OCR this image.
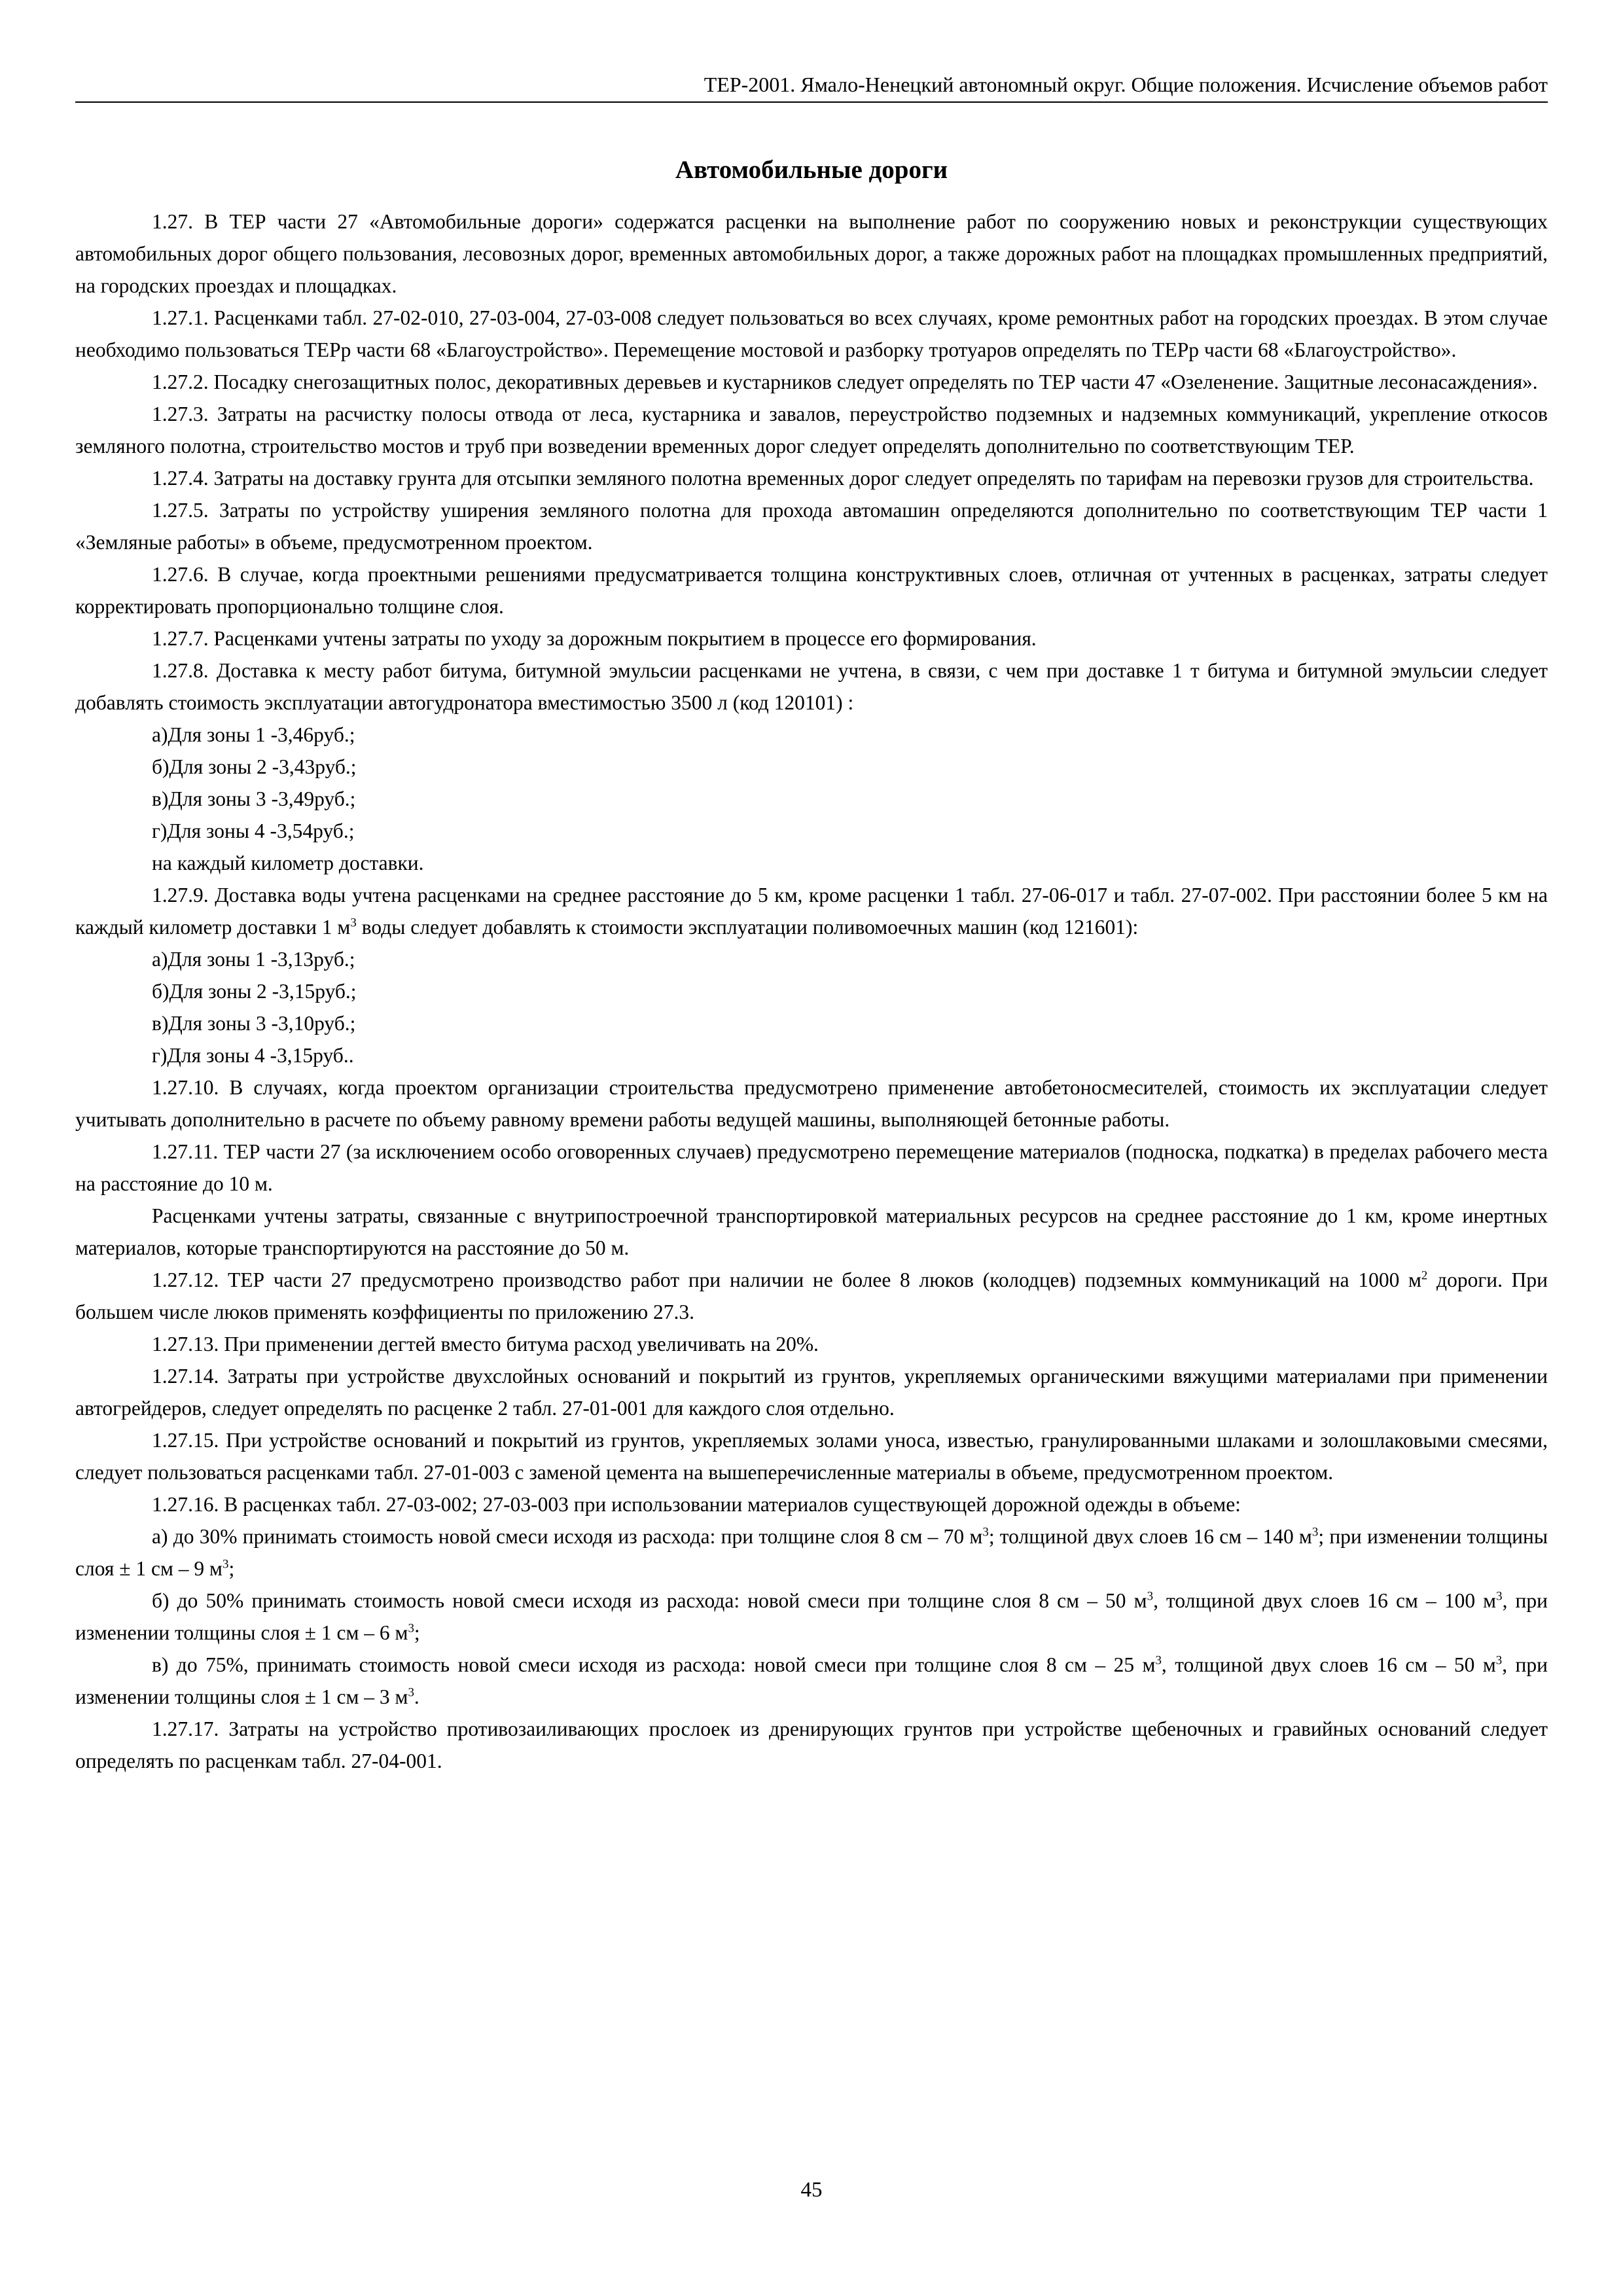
ТЕР-2001. Ямало-Ненецкий автономный округ. Общие положения. Исчисление объемов работ
Автомобильные дороги

1.27. В ТЕР части 27 «Автомобильные дороги» содержатся расценки на выполнение работ по сооружению новых и реконструкции существующих автомобильных дорог общего пользования, лесовозных дорог, временных автомобильных дорог, а также дорожных работ на площадках промышленных предприятий, на городских проездах и площадках.

1.27.1. Расценками табл. 27-02-010, 27-03-004, 27-03-008 следует пользоваться во всех случаях, кроме ремонтных работ на городских проездах. В этом случае необходимо пользоваться ТЕРр части 68 «Благоустройство». Перемещение мостовой и разборку тротуаров определять по ТЕРр части 68 «Благоустройство».

1.27.2. Посадку снегозащитных полос, декоративных деревьев и кустарников следует определять по ТЕР части 47 «Озеленение. Защитные лесонасаждения».

1.27.3. Затраты на расчистку полосы отвода от леса, кустарника и завалов, переустройство подземных и надземных коммуникаций, укрепление откосов земляного полотна, строительство мостов и труб при возведении временных дорог следует определять дополнительно по соответствующим ТЕР.

1.27.4. Затраты на доставку грунта для отсыпки земляного полотна временных дорог следует определять по тарифам на перевозки грузов для строительства.

1.27.5. Затраты по устройству уширения земляного полотна для прохода автомашин определяются дополнительно по соответствующим ТЕР части 1 «Земляные работы» в объеме, предусмотренном проектом.

1.27.6. В случае, когда проектными решениями предусматривается толщина конструктивных слоев, отличная от учтенных в расценках, затраты следует корректировать пропорционально толщине слоя.

1.27.7. Расценками учтены затраты по уходу за дорожным покрытием в процессе его формирования.

1.27.8. Доставка к месту работ битума, битумной эмульсии расценками не учтена, в связи, с чем при доставке 1 т битума и битумной эмульсии следует добавлять стоимость эксплуатации автогудронатора вместимостью 3500 л (код 120101) :

а)Для зоны 1 -3,46руб.;

б)Для зоны 2 -3,43руб.;

в)Для зоны 3 -3,49руб.;

г)Для зоны 4 -3,54руб.;

на каждый километр доставки.

1.27.9. Доставка воды учтена расценками на среднее расстояние до 5 км, кроме расценки 1 табл. 27-06-017 и табл. 27-07-002. При расстоянии более 5 км на каждый километр доставки 1 $м^3$ воды следует добавлять к стоимости эксплуатации поливомоечных машин (код 121601):

а)Для зоны 1 -3,13руб.;

б)Для зоны 2 -3,15руб.;

в)Для зоны 3 -3,10руб.;

г)Для зоны 4 -3,15руб..

1.27.10. В случаях, когда проектом организации строительства предусмотрено применение автобетоносмесителей, стоимость их эксплуатации следует учитывать дополнительно в расчете по объему равному времени работы ведущей машины, выполняющей бетонные работы.

1.27.11. ТЕР части 27 (за исключением особо оговоренных случаев) предусмотрено перемещение материалов (подноска, подкатка) в пределах рабочего места на расстояние до 10 м.

Расценками учтены затраты, связанные с внутрипостроечной транспортировкой материальных ресурсов на среднее расстояние до 1 км, кроме инертных материалов, которые транспортируются на расстояние до 50 м.

1.27.12. ТЕР части 27 предусмотрено производство работ при наличии не более 8 люков (колодцев) подземных коммуникаций на 1000 $м^2$ дороги. При большем числе люков применять коэффициенты по приложению 27.3.

1.27.13. При применении дегтей вместо битума расход увеличивать на 20%.

1.27.14. Затраты при устройстве двухслойных оснований и покрытий из грунтов, укрепляемых органическими вяжущими материалами при применении автогрейдеров, следует определять по расценке 2 табл. 27-01-001 для каждого слоя отдельно.

1.27.15. При устройстве оснований и покрытий из грунтов, укрепляемых золами уноса, известью, гранулированными шлаками и золошлаковыми смесями, следует пользоваться расценками табл. 27-01-003 с заменой цемента на вышеперечисленные материалы в объеме, предусмотренном проектом.

1.27.16. В расценках табл. 27-03-002; 27-03-003 при использовании материалов существующей дорожной одежды в объеме:

а) до 30% принимать стоимость новой смеси исходя из расхода: при толщине слоя 8 см – 70 $м^3$; толщиной двух слоев 16 см – 140 $м^3$; при изменении толщины слоя ± 1 см – 9 $м^3$;

б) до 50% принимать стоимость новой смеси исходя из расхода: новой смеси при толщине слоя 8 см – 50 $м^3$, толщиной двух слоев 16 см – 100 $м^3$, при изменении толщины слоя ± 1 см – 6 $м^3$;

в) до 75%, принимать стоимость новой смеси исходя из расхода: новой смеси при толщине слоя 8 см – 25 $м^3$, толщиной двух слоев 16 см – 50 $м^3$, при изменении толщины слоя ± 1 см – 3 $м^3$.

1.27.17. Затраты на устройство противозаиливающих прослоек из дренирующих грунтов при устройстве щебеночных и гравийных оснований следует определять по расценкам табл. 27-04-001.

45
